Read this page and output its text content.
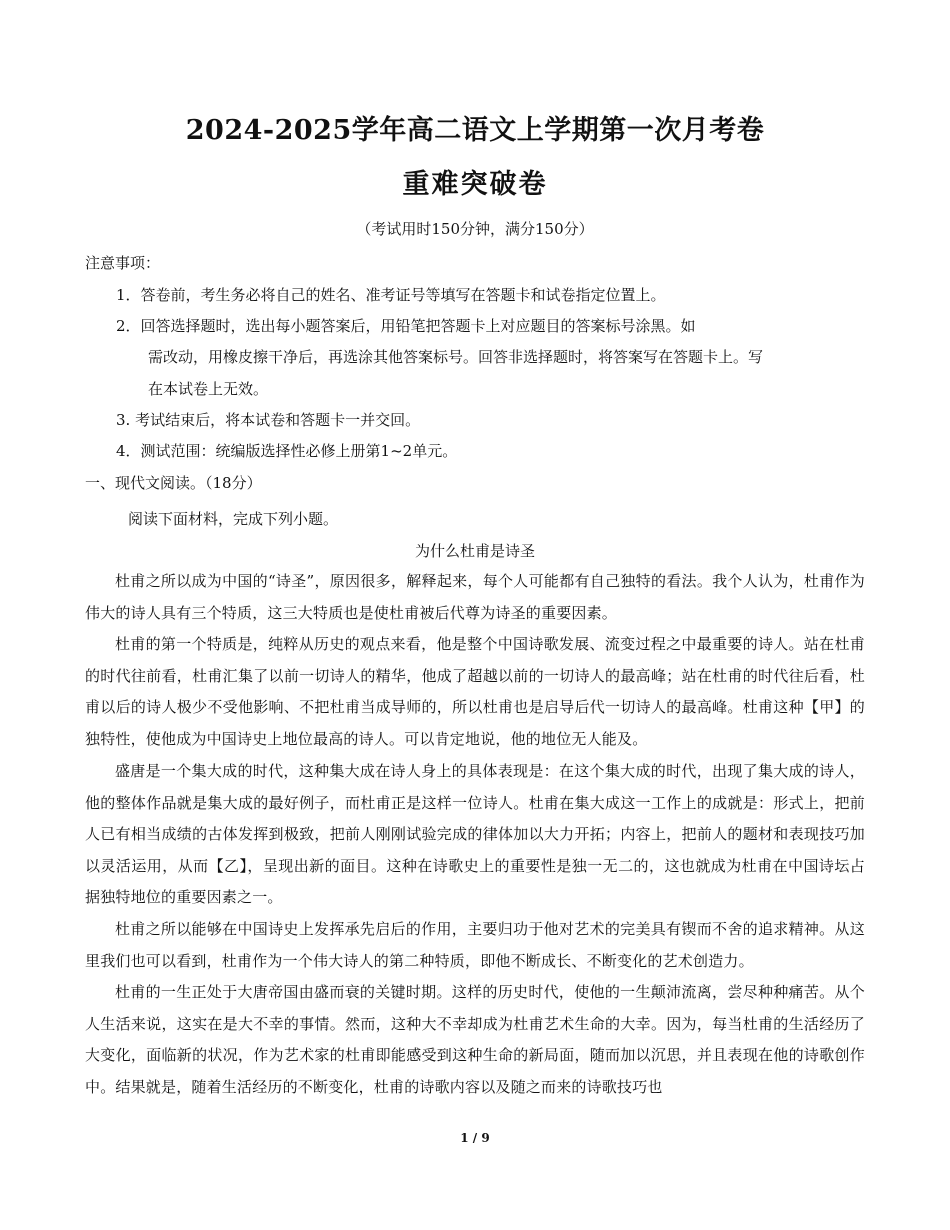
2024-2025学年高二语文上学期第一次月考卷
重难突破卷
（考试用时150分钟，满分150分）
注意事项：
1．答卷前，考生务必将自己的姓名、准考证号等填写在答题卡和试卷指定位置上。
2．回答选择题时，选出每小题答案后，用铅笔把答题卡上对应题目的答案标号涂黑。如
需改动，用橡皮擦干净后，再选涂其他答案标号。回答非选择题时，将答案写在答题卡上。写
在本试卷上无效。
3. 考试结束后，将本试卷和答题卡一并交回。
4．测试范围：统编版选择性必修上册第1~2单元。
一、现代文阅读。（18分）
阅读下面材料，完成下列小题。
为什么杜甫是诗圣
杜甫之所以成为中国的“诗圣”，原因很多，解释起来，每个人可能都有自己独特的看法。我个人认为，杜甫作为伟大的诗人具有三个特质，这三大特质也是使杜甫被后代尊为诗圣的重要因素。
杜甫的第一个特质是，纯粹从历史的观点来看，他是整个中国诗歌发展、流变过程之中最重要的诗人。站在杜甫的时代往前看，杜甫汇集了以前一切诗人的精华，他成了超越以前的一切诗人的最高峰；站在杜甫的时代往后看，杜甫以后的诗人极少不受他影响、不把杜甫当成导师的，所以杜甫也是启导后代一切诗人的最高峰。杜甫这种【甲】的独特性，使他成为中国诗史上地位最高的诗人。可以肯定地说，他的地位无人能及。
盛唐是一个集大成的时代，这种集大成在诗人身上的具体表现是：在这个集大成的时代，出现了集大成的诗人，他的整体作品就是集大成的最好例子，而杜甫正是这样一位诗人。杜甫在集大成这一工作上的成就是：形式上，把前人已有相当成绩的古体发挥到极致，把前人刚刚试验完成的律体加以大力开拓；内容上，把前人的题材和表现技巧加以灵活运用，从而【乙】，呈现出新的面目。这种在诗歌史上的重要性是独一无二的，这也就成为杜甫在中国诗坛占据独特地位的重要因素之一。
杜甫之所以能够在中国诗史上发挥承先启后的作用，主要归功于他对艺术的完美具有锲而不舍的追求精神。从这里我们也可以看到，杜甫作为一个伟大诗人的第二种特质，即他不断成长、不断变化的艺术创造力。
杜甫的一生正处于大唐帝国由盛而衰的关键时期。这样的历史时代，使他的一生颠沛流离，尝尽种种痛苦。从个人生活来说，这实在是大不幸的事情。然而，这种大不幸却成为杜甫艺术生命的大幸。因为，每当杜甫的生活经历了大变化，面临新的状况，作为艺术家的杜甫即能感受到这种生命的新局面，随而加以沉思，并且表现在他的诗歌创作中。结果就是，随着生活经历的不断变化，杜甫的诗歌内容以及随之而来的诗歌技巧也
1 / 9
